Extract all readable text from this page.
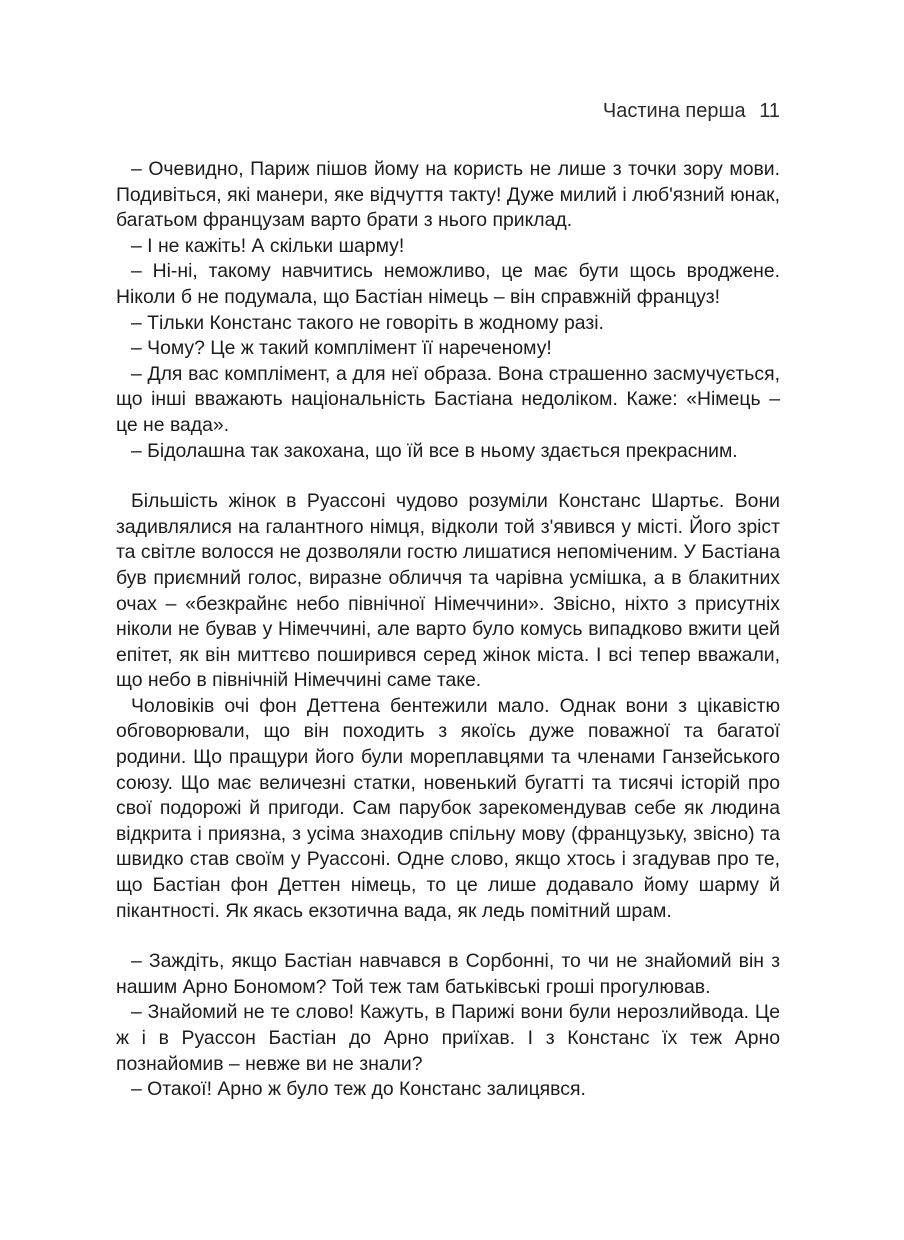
Частина перша 11

– Очевидно, Париж пішов йому на користь не лише з точки зору мови. Подивіться, які манери, яке відчуття такту! Дуже милий і люб'язний юнак, багатьом французам варто брати з нього приклад.

– І не кажіть! А скільки шарму!

– Ні-ні, такому навчитись неможливо, це має бути щось вроджене. Ніколи б не подумала, що Бастіан німець – він справжній француз!

– Тільки Констанс такого не говоріть в жодному разі.

– Чому? Це ж такий комплімент її нареченому!

– Для вас комплімент, а для неї образа. Вона страшенно засмучується, що інші вважають національність Бастіана недоліком. Каже: «Німець – це не вада».

– Бідолашна так закохана, що їй все в ньому здається прекрасним.

Більшість жінок в Руассоні чудово розуміли Констанс Шартьє. Вони задивлялися на галантного німця, відколи той з'явився у місті. Його зріст та світле волосся не дозволяли гостю лишатися непоміченим. У Бастіана був приємний голос, виразне обличчя та чарівна усмішка, а в блакитних очах – «безкрайнє небо північної Німеччини». Звісно, ніхто з присутніх ніколи не бував у Німеччині, але варто було комусь випадково вжити цей епітет, як він миттєво поширився серед жінок міста. І всі тепер вважали, що небо в північній Німеччині саме таке.

Чоловіків очі фон Деттена бентежили мало. Однак вони з цікавістю обговорювали, що він походить з якоїсь дуже поважної та багатої родини. Що пращури його були мореплавцями та членами Ганзейського союзу. Що має величезні статки, новенький бугатті та тисячі історій про свої подорожі й пригоди. Сам парубок зарекомендував себе як людина відкрита і приязна, з усіма знаходив спільну мову (французьку, звісно) та швидко став своїм у Руассоні. Одне слово, якщо хтось і згадував про те, що Бастіан фон Деттен німець, то це лише додавало йому шарму й пікантності. Як якась екзотична вада, як ледь помітний шрам.

– Заждіть, якщо Бастіан навчався в Сорбонні, то чи не знайомий він з нашим Арно Бономом? Той теж там батьківські гроші прогулював.

– Знайомий не те слово! Кажуть, в Парижі вони були нерозлийвода. Це ж і в Руассон Бастіан до Арно приїхав. І з Констанс їх теж Арно познайомив – невже ви не знали?

– Отакої! Арно ж було теж до Констанс залицявся.
